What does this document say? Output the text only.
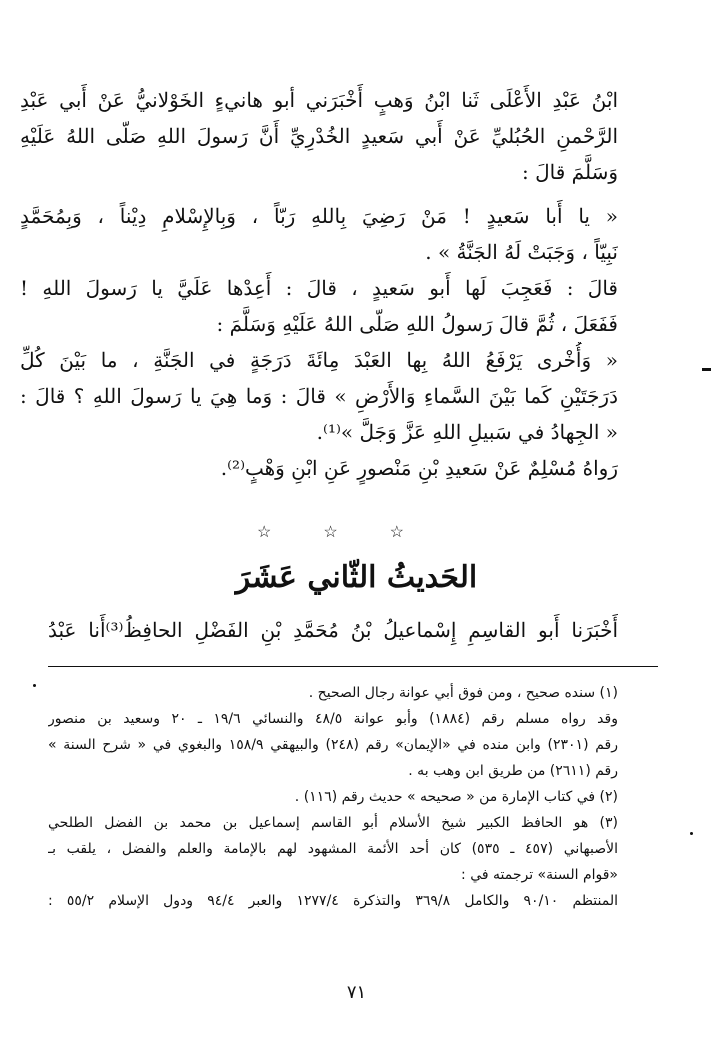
ابْنُ عَبْدِ الأَعْلَى ثَنا ابْنُ وَهبٍ أَخْبَرَني أبو هانيءٍ الخَوْلانيُّ عَنْ أَبي عَبْدِ
الرَّحْمنِ الحُبُليِّ عَنْ أَبي سَعيدٍ الخُدْرِيِّ أَنَّ رَسولَ اللهِ صَلّى اللهُ عَلَيْهِ
وَسَلَّمَ قالَ :
« يا أَبا سَعيدٍ ! مَنْ رَضِيَ بِاللهِ رَبّاً ، وَبِالإِسْلامِ دِيْناً ، وَبِمُحَمَّدٍ
نَبِيّاً ، وَجَبَتْ لَهُ الجَنَّةُ » .
قالَ : فَعَجِبَ لَها أَبو سَعيدٍ ، قالَ : أَعِدْها عَلَيَّ يا رَسولَ اللهِ !
فَفَعَلَ ، ثُمَّ قالَ رَسولُ اللهِ صَلّى اللهُ عَلَيْهِ وَسَلَّمَ :
« وَأُخْرى يَرْفَعُ اللهُ بِها العَبْدَ مِائَةَ دَرَجَةٍ في الجَنَّةِ ، ما بَيْنَ كُلِّ
دَرَجَتَيْنِ كَما بَيْنَ السَّماءِ وَالأَرْضِ » قالَ : وَما هِيَ يا رَسولَ اللهِ ؟ قالَ :
« الجِهادُ في سَبيلِ اللهِ عَزَّ وَجَلَّ »⁽¹⁾.
رَواهُ مُسْلِمٌ عَنْ سَعيدِ بْنِ مَنْصورٍ عَنِ ابْنِ وَهْبٍ⁽²⁾.
☆☆☆
الحَديثُ الثّاني عَشَرَ
أَخْبَرَنا أَبو القاسِمِ إِسْماعيلُ بْنُ مُحَمَّدِ بْنِ الفَضْلِ الحافِظُ⁽³⁾أَنا عَبْدُ
(١) سنده صحيح ، ومن فوق أبي عوانة رجال الصحيح .
وقد رواه مسلم رقم (١٨٨٤) وأبو عوانة ٤٨/٥ والنسائي ١٩/٦ ـ ٢٠ وسعيد بن منصور
رقم (٢٣٠١) وابن منده في «الإيمان» رقم (٢٤٨) والبيهقي ١٥٨/٩ والبغوي في « شرح السنة »
رقم (٢٦١١) من طريق ابن وهب به .
(٢) في كتاب الإمارة من « صحيحه » حديث رقم (١١٦) .
(٣) هو الحافظ الكبير شيخ الأسلام أبو القاسم إسماعيل بن محمد بن الفضل الطلحي
الأصبهاني (٤٥٧ ـ ٥٣٥) كان أحد الأئمة المشهود لهم بالإمامة والعلم والفضل ، يلقب بـ
«قوام السنة» ترجمته في :
المنتظم ٩٠/١٠ والكامل ٣٦٩/٨ والتذكرة ١٢٧٧/٤ والعبر ٩٤/٤ ودول الإسلام ٥٥/٢ :
٧١
